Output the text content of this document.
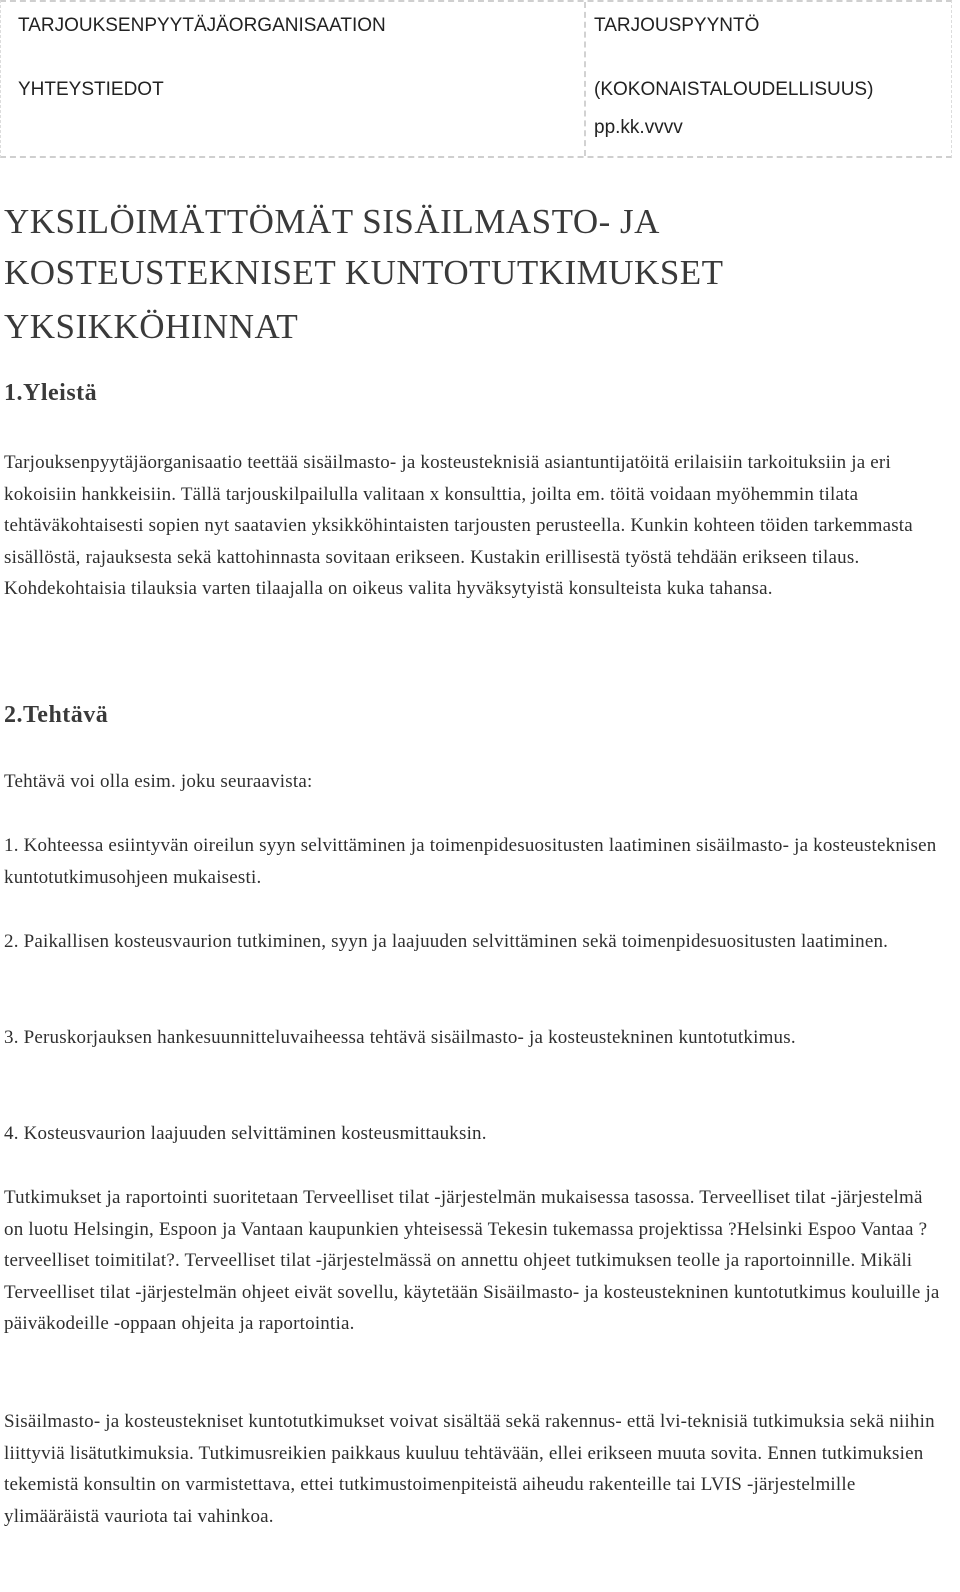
TARJOUKSENPYYTÄJÄORGANISAATION
YHTEYSTIEDOT
TARJOUSPYYNTÖ
(KOKONAISTALOUDELLISUUS)
pp.kk.vvvv
YKSILÖIMÄTTÖMÄT SISÄILMASTO- JA KOSTEUSTEKNISET KUNTOTUTKIMUKSET
YKSIKKÖHINNAT
1.Yleistä

Tarjouksenpyytäjäorganisaatio teettää sisäilmasto- ja kosteusteknisiä asiantuntijatöitä erilaisiin tarkoituksiin ja eri kokoisiin hankkeisiin. Tällä tarjouskilpailulla valitaan x konsulttia, joilta em. töitä voidaan myöhemmin tilata tehtäväkohtaisesti sopien nyt saatavien yksikköhintaisten tarjousten perusteella. Kunkin kohteen töiden tarkemmasta sisällöstä, rajauksesta sekä kattohinnasta sovitaan erikseen. Kustakin erillisestä työstä tehdään erikseen tilaus. Kohdekohtaisia tilauksia varten tilaajalla on oikeus valita hyväksytyistä konsulteista kuka tahansa.

2.Tehtävä

Tehtävä voi olla esim. joku seuraavista:

1. Kohteessa esiintyvän oireilun syyn selvittäminen ja toimenpidesuositusten laatiminen sisäilmasto- ja kosteusteknisen kuntotutkimusohjeen mukaisesti.

2. Paikallisen kosteusvaurion tutkiminen, syyn ja laajuuden selvittäminen sekä toimenpidesuositusten laatiminen.

3. Peruskorjauksen hankesuunnitteluvaiheessa tehtävä sisäilmasto- ja kosteustekninen kuntotutkimus.

4. Kosteusvaurion laajuuden selvittäminen kosteusmittauksin.

Tutkimukset ja raportointi suoritetaan Terveelliset tilat -järjestelmän mukaisessa tasossa. Terveelliset tilat -järjestelmä on luotu Helsingin, Espoon ja Vantaan kaupunkien yhteisessä Tekesin tukemassa projektissa ?Helsinki Espoo Vantaa ?terveelliset toimitilat?. Terveelliset tilat -järjestelmässä on annettu ohjeet tutkimuksen teolle ja raportoinnille. Mikäli Terveelliset tilat -järjestelmän ohjeet eivät sovellu, käytetään Sisäilmasto- ja kosteustekninen kuntotutkimus kouluille ja päiväkodeille -oppaan ohjeita ja raportointia.

Sisäilmasto- ja kosteustekniset kuntotutkimukset voivat sisältää sekä rakennus- että lvi-teknisiä tutkimuksia sekä niihin liittyviä lisätutkimuksia. Tutkimusreikien paikkaus kuuluu tehtävään, ellei erikseen muuta sovita. Ennen tutkimuksien tekemistä konsultin on varmistettava, ettei tutkimustoimenpiteistä aiheudu rakenteille tai LVIS -järjestelmille ylimääräistä vauriota tai vahinkoa.
